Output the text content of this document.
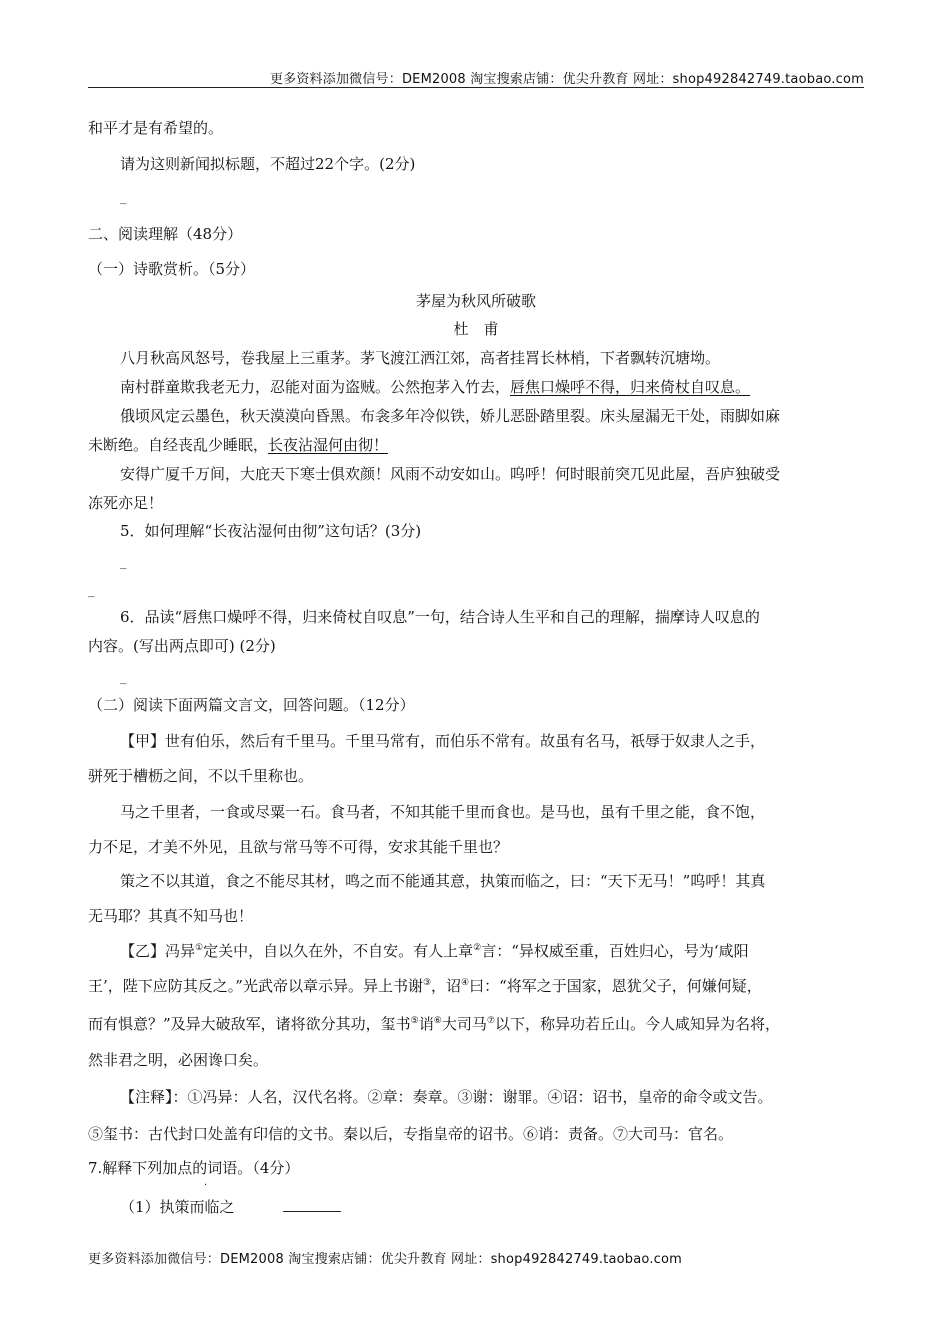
更多资料添加微信号：DEM2008 淘宝搜索店铺：优尖升教育 网址：shop492842749.taobao.com
和平才是有希望的。
请为这则新闻拟标题，不超过22个字。(2分)
_
二、阅读理解（48分）
（一）诗歌赏析。（5分）
茅屋为秋风所破歌
杜　甫
八月秋高风怒号，卷我屋上三重茅。茅飞渡江洒江郊，高者挂罥长林梢，下者飘转沉塘坳。
南村群童欺我老无力，忍能对面为盗贼。公然抱茅入竹去，唇焦口燥呼不得，归来倚杖自叹息。
俄顷风定云墨色，秋天漠漠向昏黑。布衾多年冷似铁，娇儿恶卧踏里裂。床头屋漏无干处，雨脚如麻
未断绝。自经丧乱少睡眠，长夜沾湿何由彻！
安得广厦千万间，大庇天下寒士俱欢颜！风雨不动安如山。呜呼！何时眼前突兀见此屋，吾庐独破受
冻死亦足！
5．如何理解“长夜沾湿何由彻”这句话？(3分)
_
_
6．品读“唇焦口燥呼不得，归来倚杖自叹息”一句，结合诗人生平和自己的理解，揣摩诗人叹息的
内容。(写出两点即可) (2分)
_
（二）阅读下面两篇文言文，回答问题。（12分）
【甲】世有伯乐，然后有千里马。千里马常有，而伯乐不常有。故虽有名马，祇辱于奴隶人之手，
骈死于槽枥之间，不以千里称也。
马之千里者，一食或尽粟一石。食马者，不知其能千里而食也。是马也，虽有千里之能，食不饱，
力不足，才美不外见，且欲与常马等不可得，安求其能千里也？
策之不以其道，食之不能尽其材，鸣之而不能通其意，执策而临之，曰：“天下无马！”呜呼！其真
无马耶？其真不知马也！
【乙】冯异①定关中，自以久在外，不自安。有人上章②言：“异权威至重，百姓归心，号为‘咸阳
王’，陛下应防其反之。”光武帝以章示异。异上书谢③，诏④曰：“将军之于国家，恩犹父子，何嫌何疑，
而有惧意？”及异大破敌军，诸将欲分其功，玺书⑤诮⑥大司马⑦以下，称异功若丘山。今人咸知异为名将，
然非君之明，必困谗口矣。
【注释】：①冯异：人名，汉代名将。②章：奏章。③谢：谢罪。④诏：诏书，皇帝的命令或文告。
⑤玺书：古代封口处盖有印信的文书。秦以后，专指皇帝的诏书。⑥诮：责备。⑦大司马：官名。
7.解释下列加点的词语。（4分）
·
（1）执策而临之
更多资料添加微信号：DEM2008 淘宝搜索店铺：优尖升教育 网址：shop492842749.taobao.com
